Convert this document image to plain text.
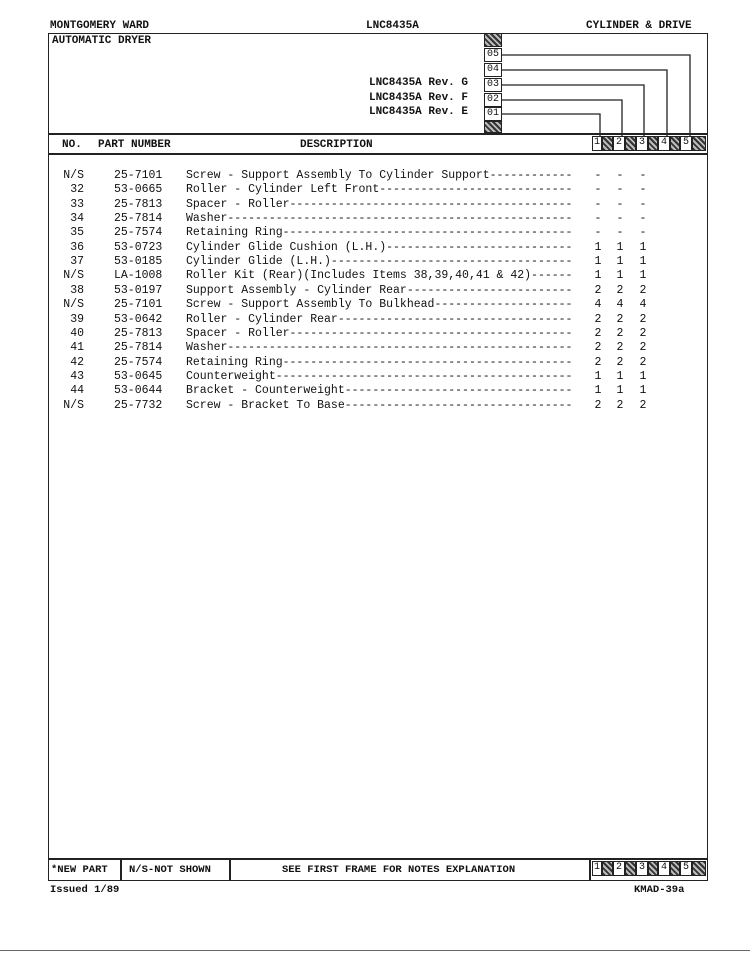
MONTGOMERY WARD	LNC8435A	CYLINDER & DRIVE
AUTOMATIC DRYER
LNC8435A Rev. G
LNC8435A Rev. F
LNC8435A Rev. E
05
04
03
02
01
NO. PART NUMBER	DESCRIPTION	1 2	3	4	5
N/S	25-7101 Screw - Support Assembly To Cylinder Support------------ - - -
32	53-0665 Roller - Cylinder Left Front---------------------------- - - -
33	25-7813 Spacer - Roller----------------------------------------- - - -
34	25-7814 Washer-------------------------------------------------- - - -
35	25-7574 Retaining Ring------------------------------------------ - - -
36	53-0723 Cylinder Glide Cushion (L.H.)--------------------------- 1 1 1
37	53-0185 Cylinder Glide (L.H.)----------------------------------- 1 1 1
N/S	LA-1008 Roller Kit (Rear)(Includes Items 38,39,40,41 & 42)------ 1 1 1
38	53-0197 Support Assembly - Cylinder Rear------------------------ 2 2 2
N/S	25-7101 Screw - Support Assembly To Bulkhead-------------------- 4 4 4
39	53-0642 Roller - Cylinder Rear---------------------------------- 2 2 2
40	25-7813 Spacer - Roller----------------------------------------- 2 2 2
41	25-7814 Washer-------------------------------------------------- 2 2 2
42	25-7574 Retaining Ring------------------------------------------ 2 2 2
43	53-0645 Counterweight------------------------------------------- 1 1 1
44	53-0644 Bracket - Counterweight--------------------------------- 1 1 1
N/S	25-7732 Screw - Bracket To Base--------------------------------- 2 2 2
*NEW PART N/S-NOT SHOWN	SEE FIRST FRAME FOR NOTES EXPLANATION	1 2	3	4	5
Issued 1/89	KMAD-39a
